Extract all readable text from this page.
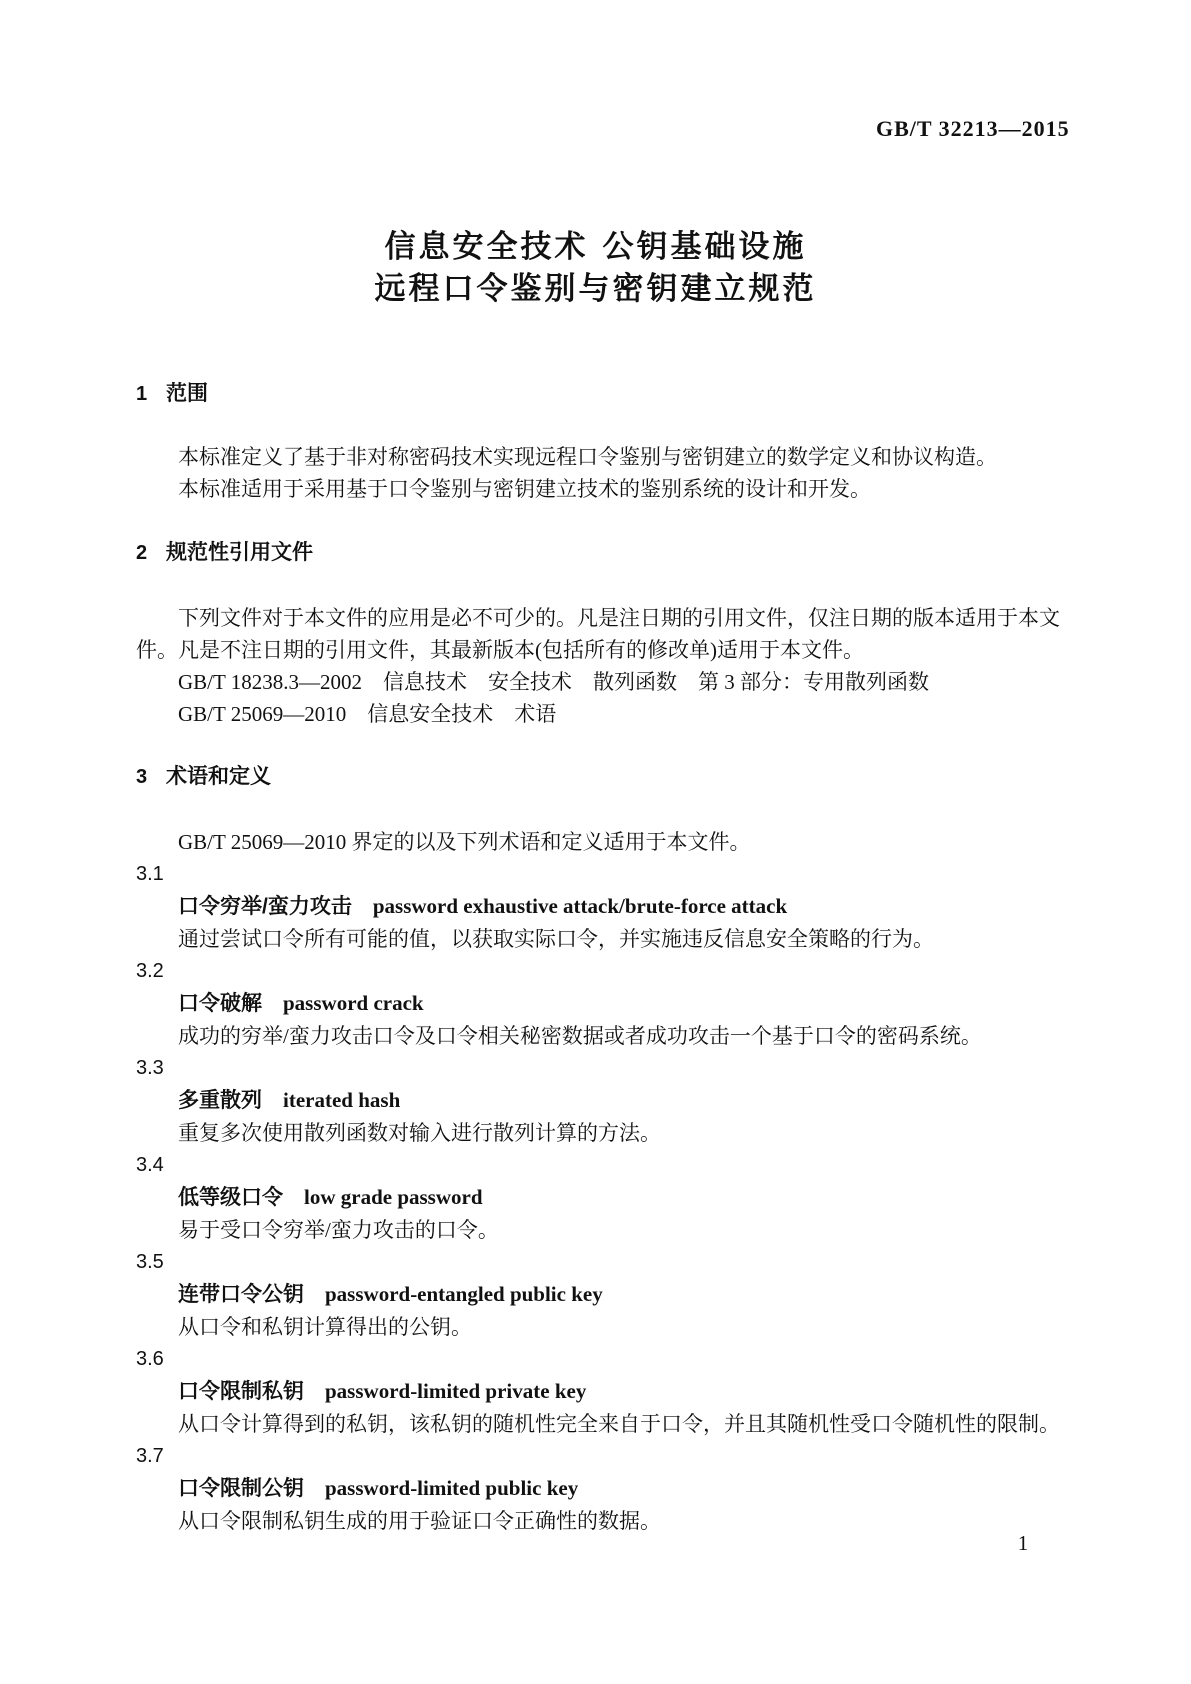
GB/T 32213—2015
信息安全技术 公钥基础设施
远程口令鉴别与密钥建立规范
1 范围
本标准定义了基于非对称密码技术实现远程口令鉴别与密钥建立的数学定义和协议构造。
本标准适用于采用基于口令鉴别与密钥建立技术的鉴别系统的设计和开发。
2 规范性引用文件
下列文件对于本文件的应用是必不可少的。凡是注日期的引用文件，仅注日期的版本适用于本文
件。凡是不注日期的引用文件，其最新版本(包括所有的修改单)适用于本文件。
GB/T 18238.3—2002　信息技术　安全技术　散列函数　第 3 部分：专用散列函数
GB/T 25069—2010　信息安全技术　术语
3 术语和定义
GB/T 25069—2010 界定的以及下列术语和定义适用于本文件。
3.1
口令穷举/蛮力攻击 password exhaustive attack/brute-force attack
通过尝试口令所有可能的值，以获取实际口令，并实施违反信息安全策略的行为。
3.2
口令破解 password crack
成功的穷举/蛮力攻击口令及口令相关秘密数据或者成功攻击一个基于口令的密码系统。
3.3
多重散列 iterated hash
重复多次使用散列函数对输入进行散列计算的方法。
3.4
低等级口令 low grade password
易于受口令穷举/蛮力攻击的口令。
3.5
连带口令公钥 password-entangled public key
从口令和私钥计算得出的公钥。
3.6
口令限制私钥 password-limited private key
从口令计算得到的私钥，该私钥的随机性完全来自于口令，并且其随机性受口令随机性的限制。
3.7
口令限制公钥 password-limited public key
从口令限制私钥生成的用于验证口令正确性的数据。
1
